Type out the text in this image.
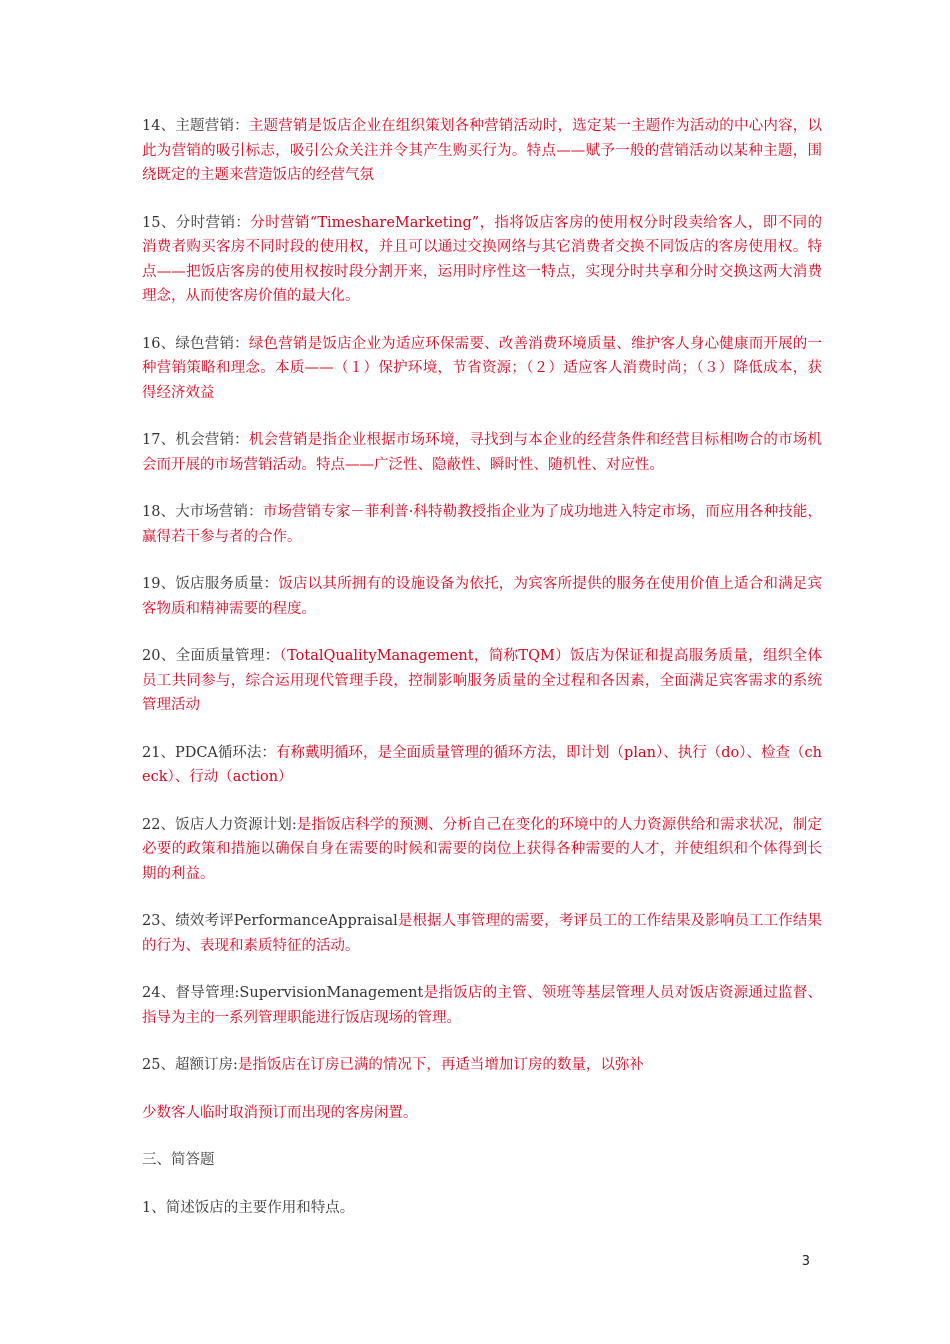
14、主题营销：主题营销是饭店企业在组织策划各种营销活动时，选定某一主题作为活动的中心内容，以此为营销的吸引标志，吸引公众关注并令其产生购买行为。特点——赋予一般的营销活动以某种主题，围绕既定的主题来营造饭店的经营气氛

15、分时营销：分时营销“TimeshareMarketing”，指将饭店客房的使用权分时段卖给客人，即不同的消费者购买客房不同时段的使用权，并且可以通过交换网络与其它消费者交换不同饭店的客房使用权。特点——把饭店客房的使用权按时段分割开来，运用时序性这一特点，实现分时共享和分时交换这两大消费理念，从而使客房价值的最大化。

16、绿色营销：绿色营销是饭店企业为适应环保需要、改善消费环境质量、维护客人身心健康而开展的一种营销策略和理念。本质——（１）保护环境，节省资源；（２）适应客人消费时尚；（３）降低成本，获得经济效益

17、机会营销：机会营销是指企业根据市场环境，寻找到与本企业的经营条件和经营目标相吻合的市场机会而开展的市场营销活动。特点——广泛性、隐蔽性、瞬时性、随机性、对应性。

18、大市场营销：市场营销专家－菲利普·科特勒教授指企业为了成功地进入特定市场，而应用各种技能，赢得若干参与者的合作。

19、饭店服务质量：饭店以其所拥有的设施设备为依托，为宾客所提供的服务在使用价值上适合和满足宾客物质和精神需要的程度。

20、全面质量管理：（TotalQualityManagement，简称TQM）饭店为保证和提高服务质量，组织全体员工共同参与，综合运用现代管理手段，控制影响服务质量的全过程和各因素，全面满足宾客需求的系统管理活动

21、PDCA循环法：有称戴明循环，是全面质量管理的循环方法，即计划（plan）、执行（do）、检查（check）、行动（action）

22、饭店人力资源计划:是指饭店科学的预测、分析自己在变化的环境中的人力资源供给和需求状况，制定必要的政策和措施以确保自身在需要的时候和需要的岗位上获得各种需要的人才，并使组织和个体得到长期的利益。

23、绩效考评PerformanceAppraisal是根据人事管理的需要，考评员工的工作结果及影响员工工作结果的行为、表现和素质特征的活动。

24、督导管理:SupervisionManagement是指饭店的主管、领班等基层管理人员对饭店资源通过监督、指导为主的一系列管理职能进行饭店现场的管理。

25、超额订房:是指饭店在订房已满的情况下，再适当增加订房的数量，以弥补

少数客人临时取消预订而出现的客房闲置。

三、简答题

1、简述饭店的主要作用和特点。

3
